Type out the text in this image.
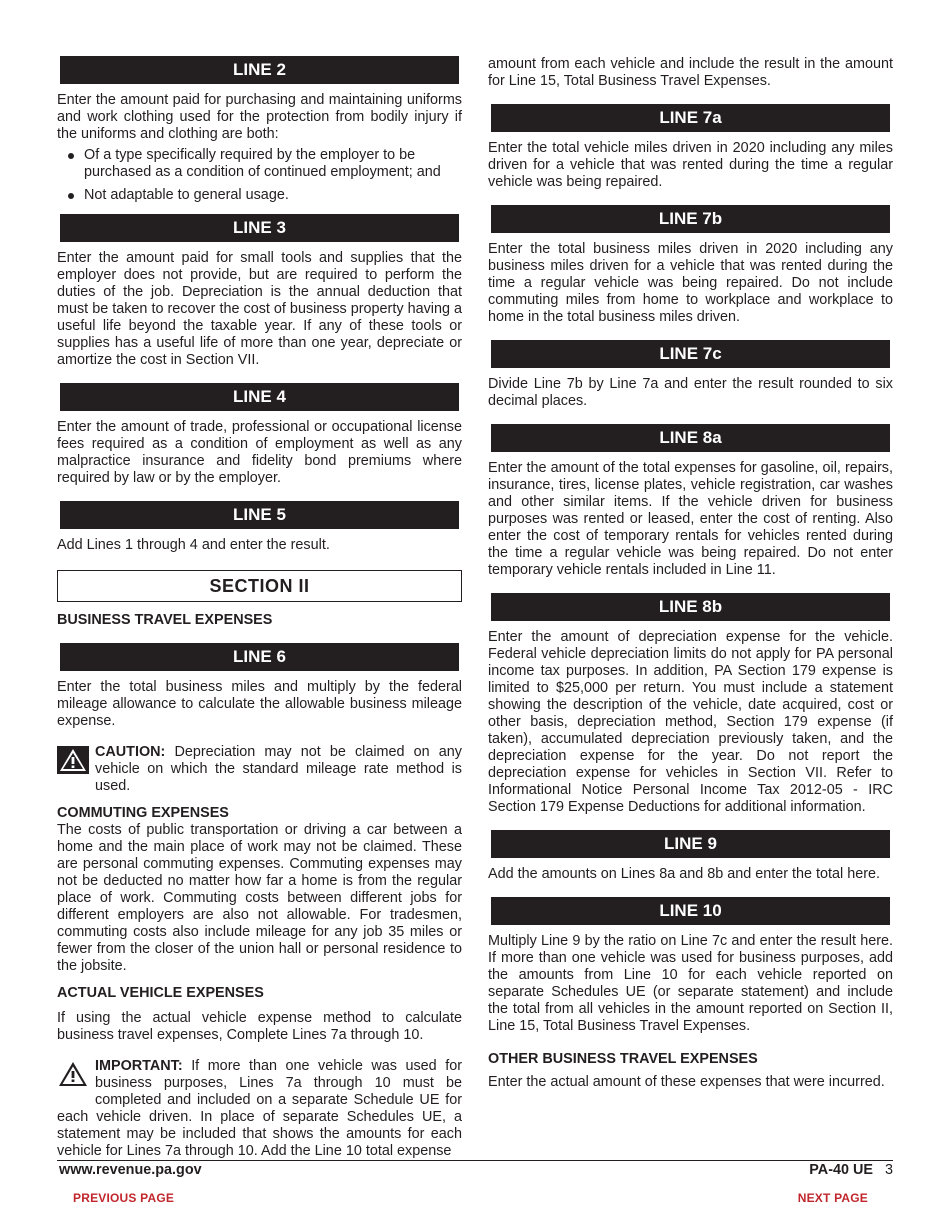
LINE 2

Enter the amount paid for purchasing and maintaining uniforms and work clothing used for the protection from bodily injury if the uniforms and clothing are both:

Of a type specifically required by the employer to be purchased as a condition of continued employment; and
Not adaptable to general usage.
LINE 3

Enter the amount paid for small tools and supplies that the employer does not provide, but are required to perform the duties of the job. Depreciation is the annual deduction that must be taken to recover the cost of business property having a useful life beyond the taxable year. If any of these tools or supplies has a useful life of more than one year, depreciate or amortize the cost in Section VII.

LINE 4

Enter the amount of trade, professional or occupational license fees required as a condition of employment as well as any malpractice insurance and fidelity bond premiums where required by law or by the employer.

LINE 5

Add Lines 1 through 4 and enter the result.

SECTION II

BUSINESS TRAVEL EXPENSES

LINE 6

Enter the total business miles and multiply by the federal mileage allowance to calculate the allowable business mileage expense.

CAUTION: Depreciation may not be claimed on any vehicle on which the standard mileage rate method is used.

COMMUTING EXPENSES

The costs of public transportation or driving a car between a home and the main place of work may not be claimed. These are personal commuting expenses. Commuting expenses may not be deducted no matter how far a home is from the regular place of work. Commuting costs between different jobs for different employers are also not allowable. For tradesmen, commuting costs also include mileage for any job 35 miles or fewer from the closer of the union hall or personal residence to the jobsite.

ACTUAL VEHICLE EXPENSES

If using the actual vehicle expense method to calculate business travel expenses, Complete Lines 7a through 10.

IMPORTANT: If more than one vehicle was used for business purposes, Lines 7a through 10 must be completed and included on a separate Schedule UE for each vehicle driven. In place of separate Schedules UE, a statement may be included that shows the amounts for each vehicle for Lines 7a through 10. Add the Line 10 total expense

amount from each vehicle and include the result in the amount for Line 15, Total Business Travel Expenses.

LINE 7a

Enter the total vehicle miles driven in 2020 including any miles driven for a vehicle that was rented during the time a regular vehicle was being repaired.

LINE 7b

Enter the total business miles driven in 2020 including any business miles driven for a vehicle that was rented during the time a regular vehicle was being repaired. Do not include commuting miles from home to workplace and workplace to home in the total business miles driven.

LINE 7c

Divide Line 7b by Line 7a and enter the result rounded to six decimal places.

LINE 8a

Enter the amount of the total expenses for gasoline, oil, repairs, insurance, tires, license plates, vehicle registration, car washes and other similar items. If the vehicle driven for business purposes was rented or leased, enter the cost of renting. Also enter the cost of temporary rentals for vehicles rented during the time a regular vehicle was being repaired. Do not enter temporary vehicle rentals included in Line 11.

LINE 8b

Enter the amount of depreciation expense for the vehicle. Federal vehicle depreciation limits do not apply for PA personal income tax purposes. In addition, PA Section 179 expense is limited to $25,000 per return. You must include a statement showing the description of the vehicle, date acquired, cost or other basis, depreciation method, Section 179 expense (if taken), accumulated depreciation previously taken, and the depreciation expense for the year. Do not report the depreciation expense for vehicles in Section VII. Refer to Informational Notice Personal Income Tax 2012-05 - IRC Section 179 Expense Deductions for additional information.

LINE 9

Add the amounts on Lines 8a and 8b and enter the total here.

LINE 10

Multiply Line 9 by the ratio on Line 7c and enter the result here. If more than one vehicle was used for business purposes, add the amounts from Line 10 for each vehicle reported on separate Schedules UE (or separate statement) and include the total from all vehicles in the amount reported on Section II, Line 15, Total Business Travel Expenses.

OTHER BUSINESS TRAVEL EXPENSES

Enter the actual amount of these expenses that were incurred.

www.revenue.pa.gov	PA-40 UE 3
PREVIOUS PAGE	NEXT PAGE
